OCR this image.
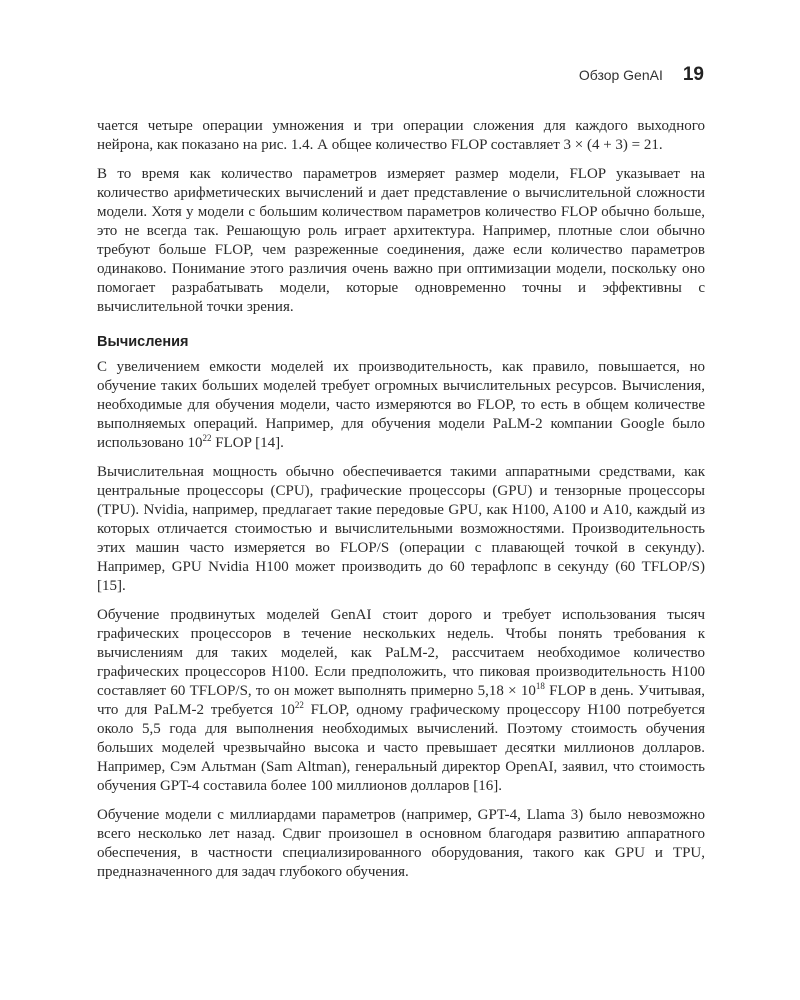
Обзор GenAI 19

чается четыре операции умножения и три операции сложения для каждого выходного нейрона, как показано на рис. 1.4. А общее количество FLOP составляет 3 × (4 + 3) = 21.

В то время как количество параметров измеряет размер модели, FLOP указывает на количество арифметических вычислений и дает представление о вычислительной сложности модели. Хотя у модели с большим количеством параметров количество FLOP обычно больше, это не всегда так. Решающую роль играет архитектура. Например, плотные слои обычно требуют больше FLOP, чем разреженные соединения, даже если количество параметров одинаково. Понимание этого различия очень важно при оптимизации модели, поскольку оно помогает разрабатывать модели, которые одновременно точны и эффективны с вычислительной точки зрения.

Вычисления

С увеличением емкости моделей их производительность, как правило, повышается, но обучение таких больших моделей требует огромных вычислительных ресурсов. Вычисления, необходимые для обучения модели, часто измеряются во FLOP, то есть в общем количестве выполняемых операций. Например, для обучения модели PaLM-2 компании Google было использовано $10^{22}$ FLOP [14].

Вычислительная мощность обычно обеспечивается такими аппаратными средствами, как центральные процессоры (CPU), графические процессоры (GPU) и тензорные процессоры (TPU). Nvidia, например, предлагает такие передовые GPU, как H100, A100 и A10, каждый из которых отличается стоимостью и вычислительными возможностями. Производительность этих машин часто измеряется во FLOP/S (операции с плавающей точкой в секунду). Например, GPU Nvidia H100 может производить до 60 терафлопс в секунду (60 TFLOP/S) [15].

Обучение продвинутых моделей GenAI стоит дорого и требует использования тысяч графических процессоров в течение нескольких недель. Чтобы понять требования к вычислениям для таких моделей, как PaLM-2, рассчитаем необходимое количество графических процессоров H100. Если предположить, что пиковая производительность H100 составляет 60 TFLOP/S, то он может выполнять примерно $5,18 \times 10^{18}$ FLOP в день. Учитывая, что для PaLM-2 требуется $10^{22}$ FLOP, одному графическому процессору H100 потребуется около 5,5 года для выполнения необходимых вычислений. Поэтому стоимость обучения больших моделей чрезвычайно высока и часто превышает десятки миллионов долларов. Например, Сэм Альтман (Sam Altman), генеральный директор OpenAI, заявил, что стоимость обучения GPT-4 составила более 100 миллионов долларов [16].

Обучение модели с миллиардами параметров (например, GPT-4, Llama 3) было невозможно всего несколько лет назад. Сдвиг произошел в основном благодаря развитию аппаратного обеспечения, в частности специализированного оборудования, такого как GPU и TPU, предназначенного для задач глубокого обучения.
